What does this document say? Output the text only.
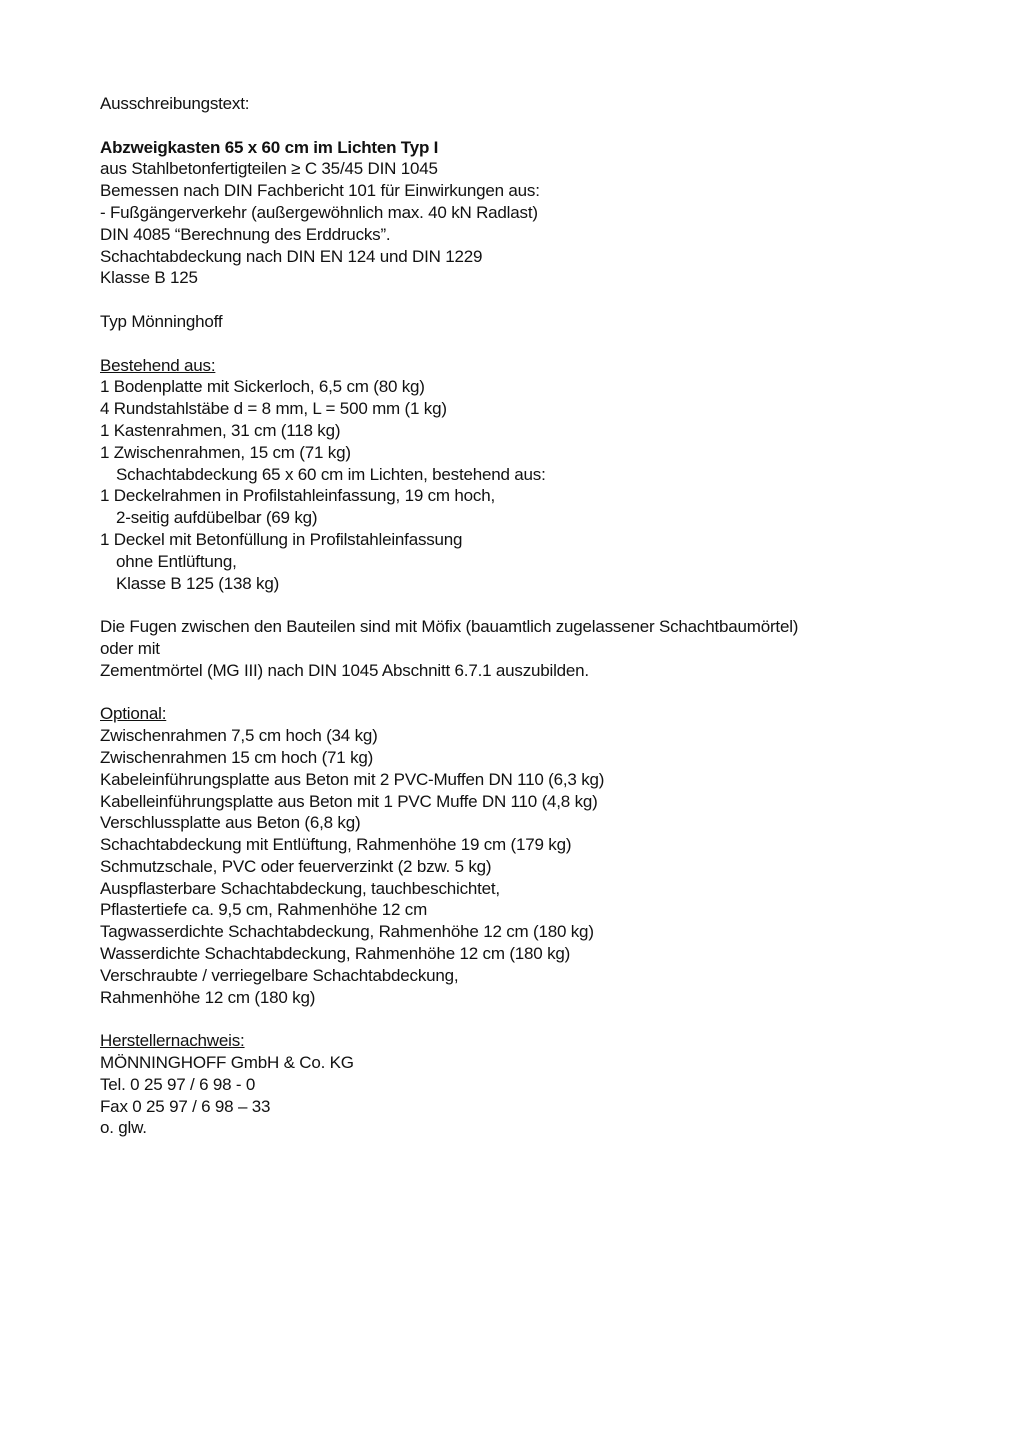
Ausschreibungstext:
Abzweigkasten 65 x 60 cm im Lichten Typ I
aus Stahlbetonfertigteilen ≥ C 35/45 DIN 1045
Bemessen nach DIN Fachbericht 101 für Einwirkungen aus:
- Fußgängerverkehr (außergewöhnlich max. 40 kN Radlast)
DIN 4085 “Berechnung des Erddrucks”.
Schachtabdeckung nach DIN EN 124 und DIN 1229
Klasse B 125
Typ Mönninghoff
Bestehend aus:
1 Bodenplatte mit Sickerloch, 6,5 cm (80 kg)
4 Rundstahlstäbe d = 8 mm, L = 500 mm (1 kg)
1 Kastenrahmen, 31 cm (118 kg)
1 Zwischenrahmen, 15 cm (71 kg)
Schachtabdeckung 65 x 60 cm im Lichten, bestehend aus:
1 Deckelrahmen in Profilstahleinfassung, 19 cm hoch,
2-seitig aufdübelbar (69 kg)
1 Deckel mit Betonfüllung in Profilstahleinfassung
ohne Entlüftung,
Klasse B 125 (138 kg)
Die Fugen zwischen den Bauteilen sind mit Möfix (bauamtlich zugelassener Schachtbaumörtel)
oder mit
Zementmörtel (MG III) nach DIN 1045 Abschnitt 6.7.1 auszubilden.
Optional:
Zwischenrahmen 7,5 cm hoch (34 kg)
Zwischenrahmen 15 cm hoch (71 kg)
Kabeleinführungsplatte aus Beton mit 2 PVC-Muffen DN 110 (6,3 kg)
Kabelleinführungsplatte aus Beton mit 1 PVC Muffe DN 110 (4,8 kg)
Verschlussplatte aus Beton (6,8 kg)
Schachtabdeckung mit Entlüftung, Rahmenhöhe 19 cm (179 kg)
Schmutzschale, PVC oder feuerverzinkt (2 bzw. 5 kg)
Auspflasterbare Schachtabdeckung, tauchbeschichtet,
Pflastertiefe ca. 9,5 cm, Rahmenhöhe 12 cm
Tagwasserdichte Schachtabdeckung, Rahmenhöhe 12 cm (180 kg)
Wasserdichte Schachtabdeckung, Rahmenhöhe 12 cm (180 kg)
Verschraubte / verriegelbare Schachtabdeckung,
Rahmenhöhe 12 cm (180 kg)
Herstellernachweis:
MÖNNINGHOFF GmbH & Co. KG
Tel. 0 25 97 / 6 98 - 0
Fax 0 25 97 / 6 98 – 33
o. glw.
